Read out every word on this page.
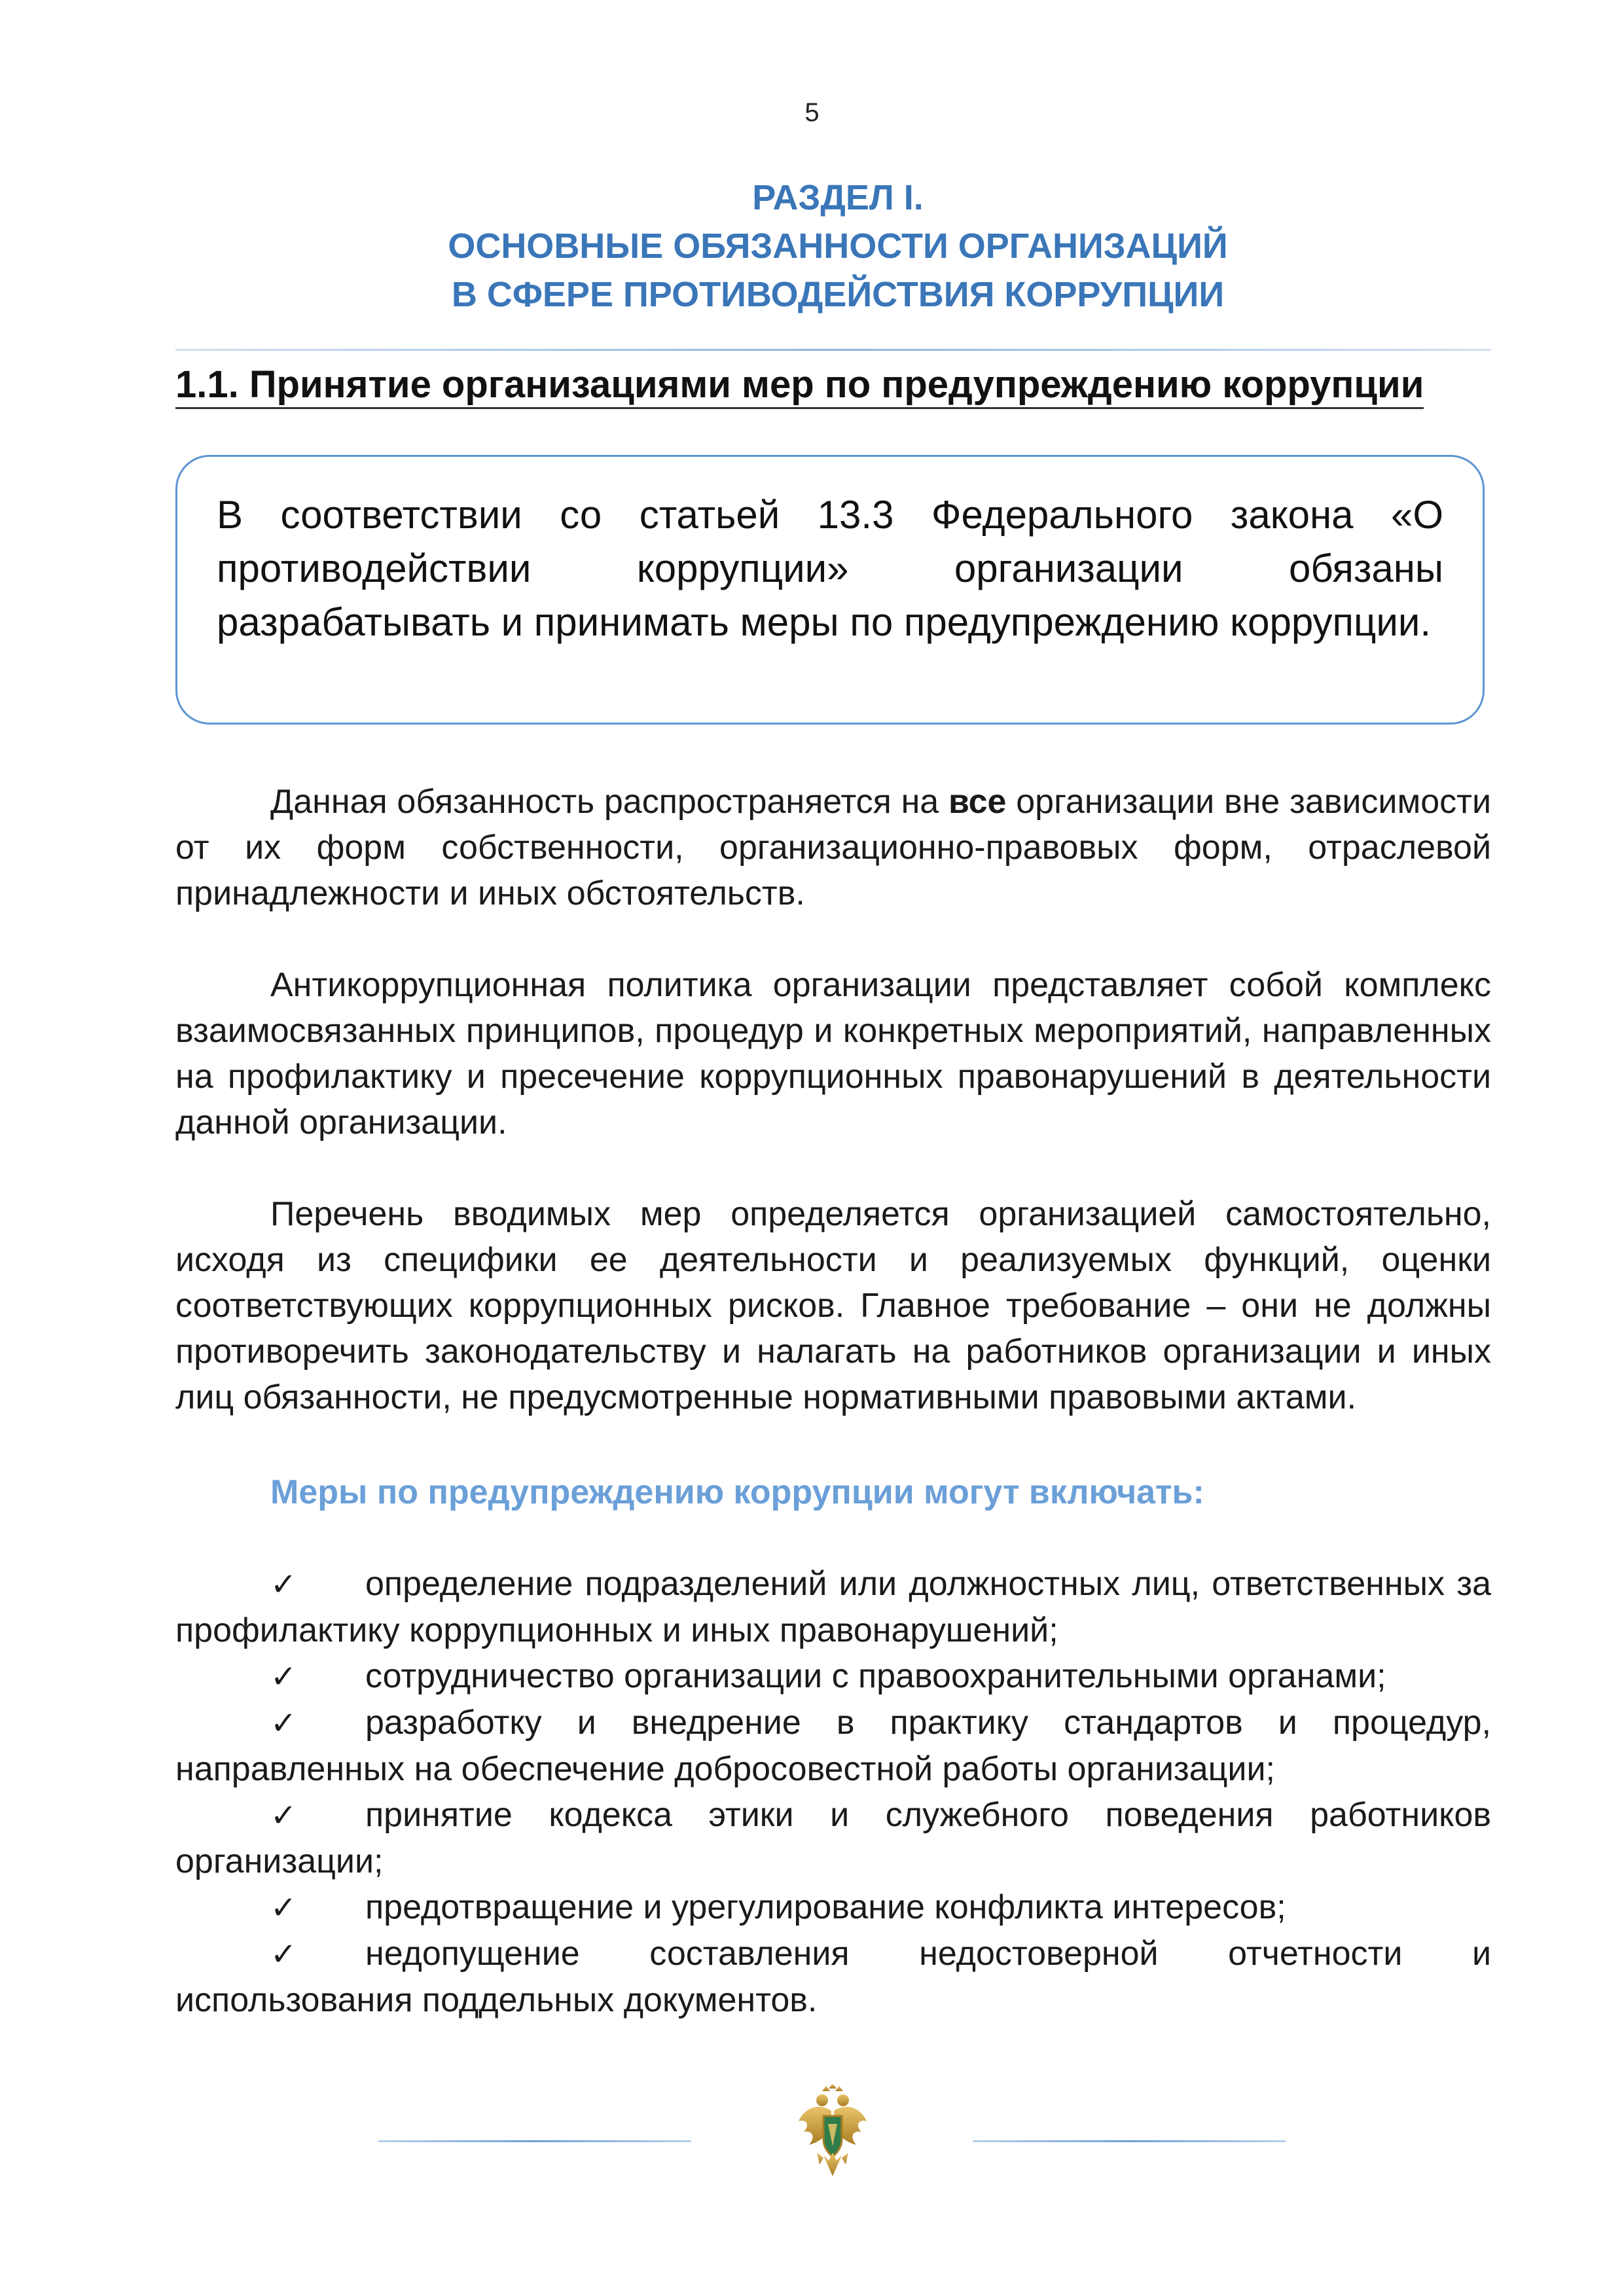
5
РАЗДЕЛ I.
ОСНОВНЫЕ ОБЯЗАННОСТИ ОРГАНИЗАЦИЙ
В СФЕРЕ ПРОТИВОДЕЙСТВИЯ КОРРУПЦИИ
1.1. Принятие организациями мер по предупреждению коррупции

В соответствии со статьей 13.3 Федерального закона «О противодействии коррупции» организации обязаны разрабатывать и принимать меры по предупреждению коррупции.

Данная обязанность распространяется на все организации вне зависимости от их форм собственности, организационно-правовых форм, отраслевой принадлежности и иных обстоятельств.

Антикоррупционная политика организации представляет собой комплекс взаимосвязанных принципов, процедур и конкретных мероприятий, направленных на профилактику и пресечение коррупционных правонарушений в деятельности данной организации.

Перечень вводимых мер определяется организацией самостоятельно, исходя из специфики ее деятельности и реализуемых функций, оценки соответствующих коррупционных рисков. Главное требование – они не должны противоречить законодательству и налагать на работников организации и иных лиц обязанности, не предусмотренные нормативными правовыми актами.

Меры по предупреждению коррупции могут включать:
✓ определение подразделений или должностных лиц, ответственных за профилактику коррупционных и иных правонарушений;
✓ сотрудничество организации с правоохранительными органами;
✓ разработку и внедрение в практику стандартов и процедур, направленных на обеспечение добросовестной работы организации;
✓ принятие кодекса этики и служебного поведения работников организации;
✓ предотвращение и урегулирование конфликта интересов;
✓ недопущение составления недостоверной отчетности и использования поддельных документов.
